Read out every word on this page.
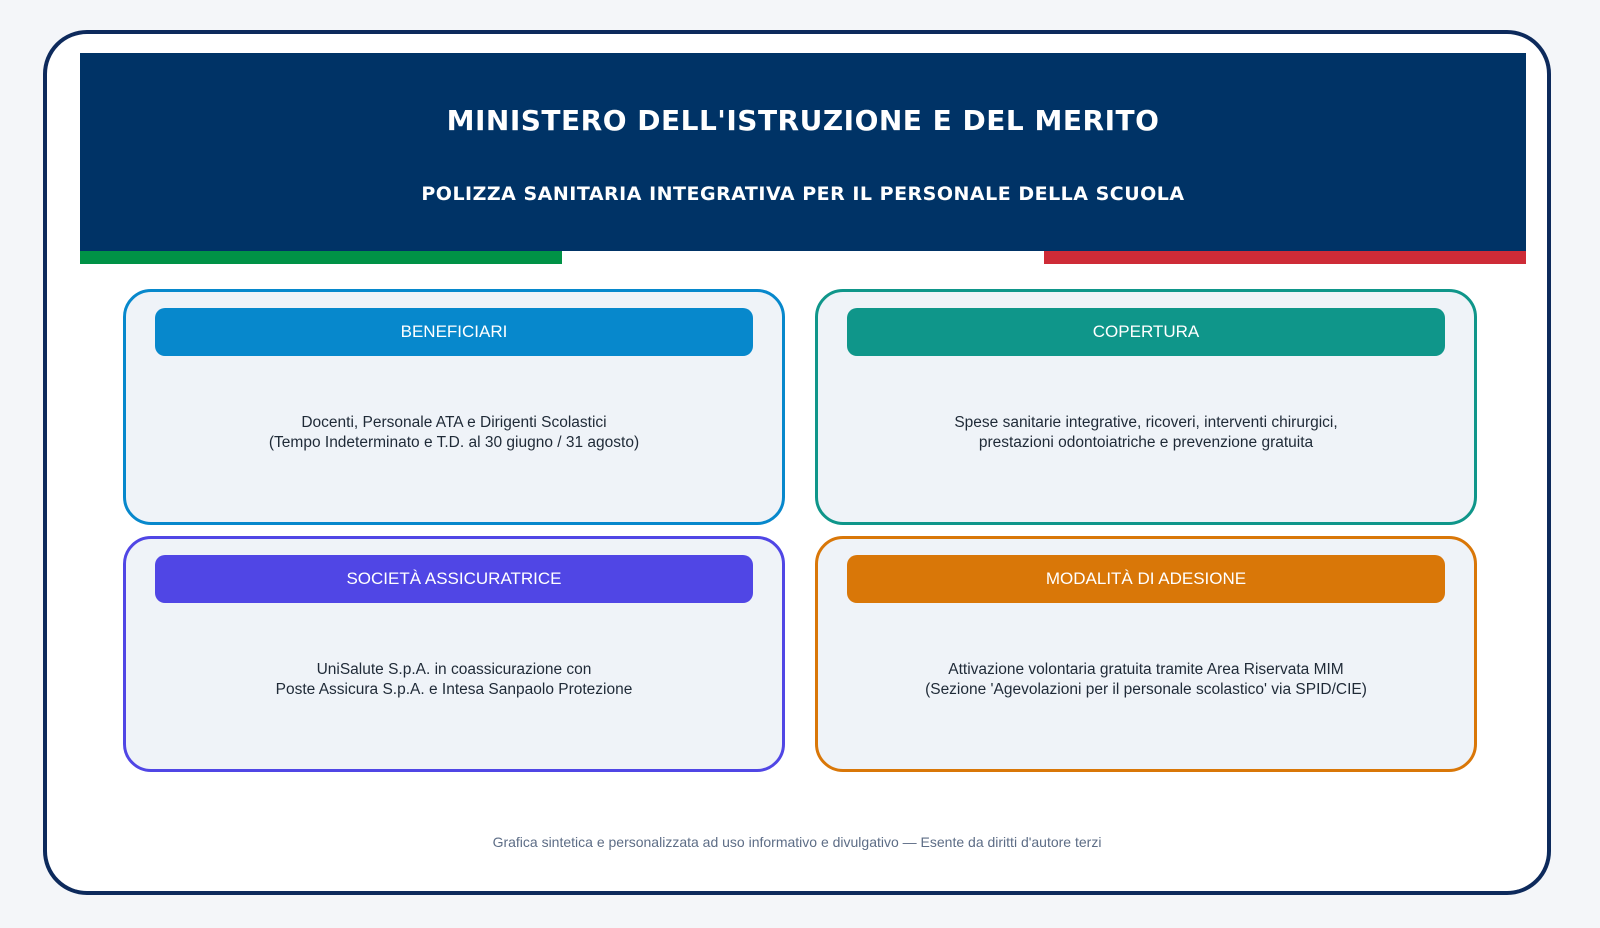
MINISTERO DELL'ISTRUZIONE E DEL MERITO
POLIZZA SANITARIA INTEGRATIVA PER IL PERSONALE DELLA SCUOLA
BENEFICIARI
Docenti, Personale ATA e Dirigenti Scolastici
(Tempo Indeterminato e T.D. al 30 giugno / 31 agosto)
COPERTURA
Spese sanitarie integrative, ricoveri, interventi chirurgici,
prestazioni odontoiatriche e prevenzione gratuita
SOCIETÀ ASSICURATRICE
UniSalute S.p.A. in coassicurazione con
Poste Assicura S.p.A. e Intesa Sanpaolo Protezione
MODALITÀ DI ADESIONE
Attivazione volontaria gratuita tramite Area Riservata MIM
(Sezione 'Agevolazioni per il personale scolastico' via SPID/CIE)
Grafica sintetica e personalizzata ad uso informativo e divulgativo — Esente da diritti d'autore terzi
